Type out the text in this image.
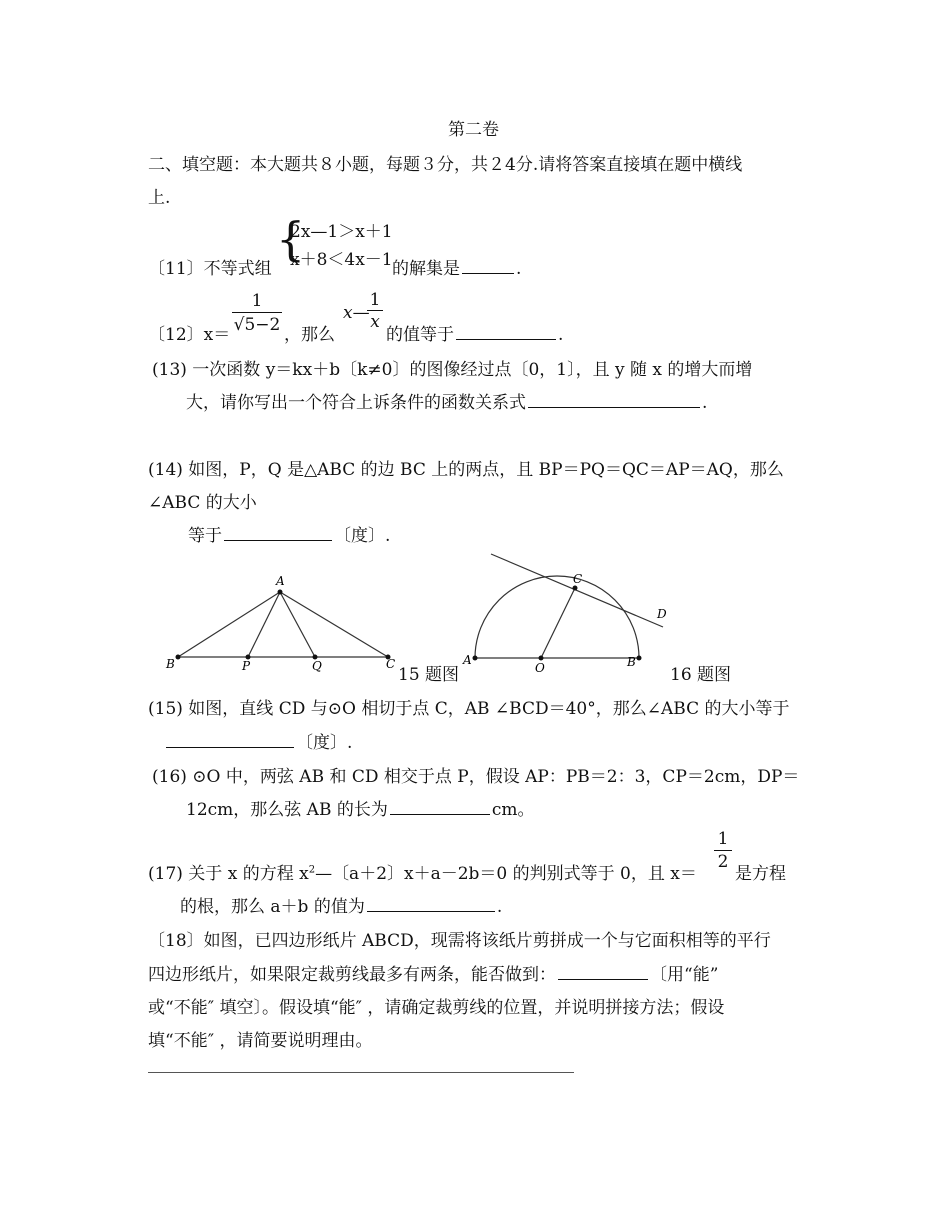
第二卷
二、填空题：本大题共８小题，每题３分，共２4分.请将答案直接填在题中横线
上.
〔11〕不等式组
{
2x—1＞x＋1
x＋8＜4x－1 的解集是	.
〔12〕$x= \frac{1}{√5-2}$ ，那么
x—
$\frac{1}{x}$
的值等于	.
(13) 一次函数 y＝kx＋b〔k≠0〕的图像经过点〔0，1〕，且 y 随 x 的增大而增
大，请你写出一个符合上诉条件的函数关系式	.
(14) 如图，P，Q 是△ABC 的边 BC 上的两点，且 BP＝PQ＝QC＝AP＝AQ，那么
∠ABC 的大小
等于	〔度〕.
A
B	P	Q	C
15 题图
A
O	B
C
D
16 题图
(15) 如图，直线 CD 与⊙O 相切于点 C，AB ∠BCD＝40°，那么∠ABC 的大小等于
〔度〕.
(16) ⊙O 中，两弦 AB 和 CD 相交于点 P，假设 AP：PB＝2：3，CP＝2cm，DP＝
12cm，那么弦 AB 的长为	cm。
(17) 关于 x 的方程 $x^2—$〔a＋2〕x＋a－2b＝0 的判别式等于 0，且 x＝
$\frac{1}{2}$
是方程
的根，那么 a＋b 的值为	.
〔18〕如图，已四边形纸片 ABCD，现需将该纸片剪拼成一个与它面积相等的平行
四边形纸片，如果限定裁剪线最多有两条，能否做到：	〔用“能”
或“不能″ 填空〕。假设填“能″ ，请确定裁剪线的位置，并说明拼接方法；假设
填“不能″ ，请简要说明理由。
